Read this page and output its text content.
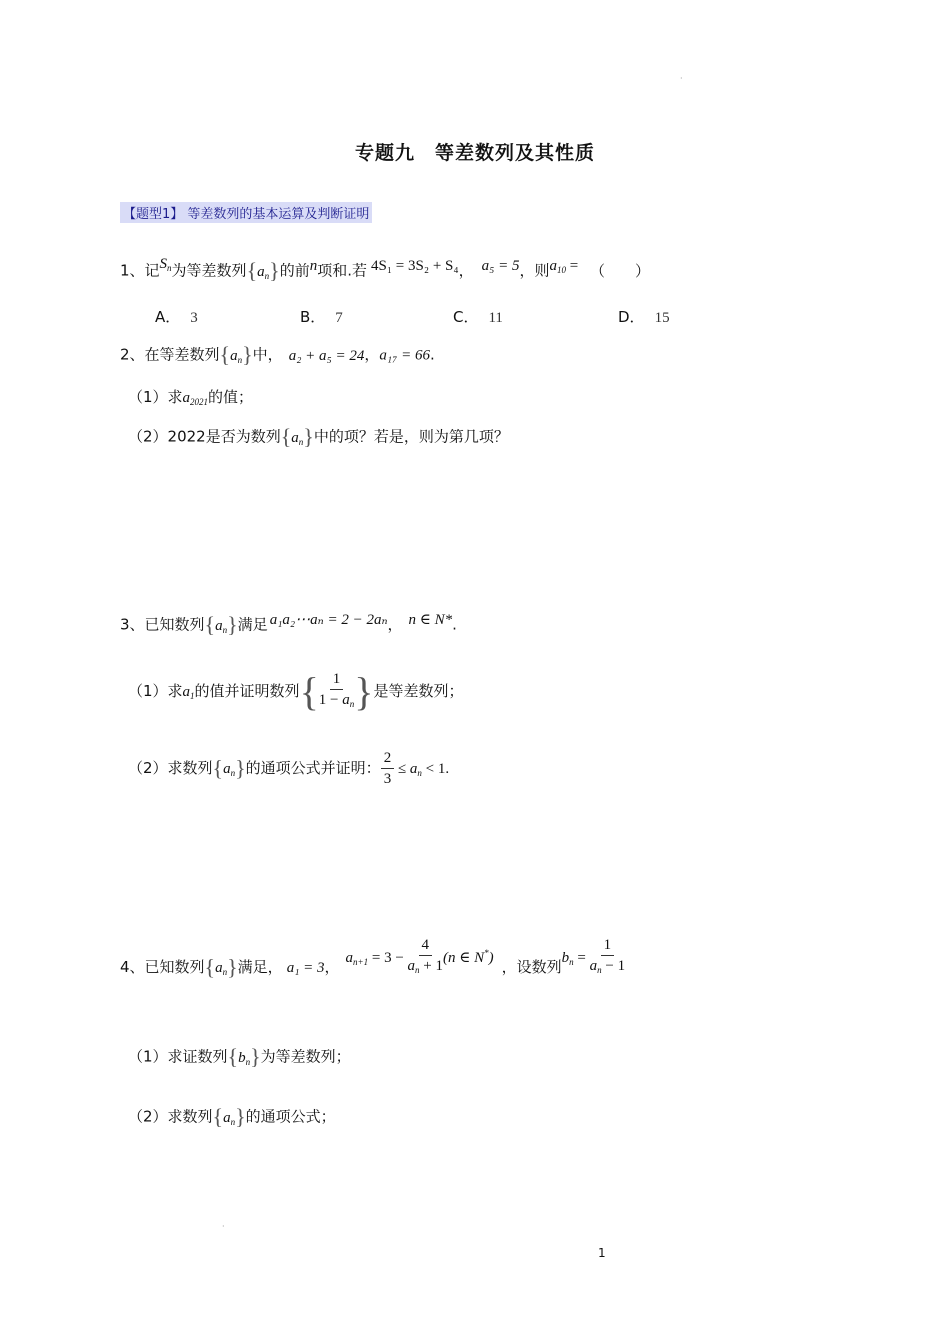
·
专题九　等差数列及其性质
【题型1】 等差数列的基本运算及判断证明
1、记$S_n$为等差数列$\{a_n\}$的前n项和.若 4S₁ = 3S₂ + S₄， a₅ = 5，则$a_{10}$ = （　　）
A． 3	B． 7	C． 11	D． 15
2、在等差数列$\{a_n\}$中， a₂ + a₅ = 24，a₁₇ = 66.
（1）求$a_{2021}$的值；
（2）2022是否为数列$\{a_n\}$中的项？若是，则为第几项？
3、已知数列$\{a_n\}$满足 a₁a₂⋯aₙ = 2 − 2aₙ， n ∈ N*.
（1）求$a_1$的值并证明数列{ $\frac{1}{1 - a_n}$ }是等差数列；
（2）求数列$\{a_n\}$的通项公式并证明： $\frac{2}{3} \le a_n < 1$.
4、已知数列$\{a_n\}$满足， a₁ = 3， $a_{n+1} = 3 - \frac{4}{a_n + 1} (n$ ∈ N*) ，设数列$b_n = \frac{1}{a_n - 1}$
（1）求证数列$\{b_n\}$为等差数列；
（2）求数列$\{a_n\}$的通项公式；
·
1
